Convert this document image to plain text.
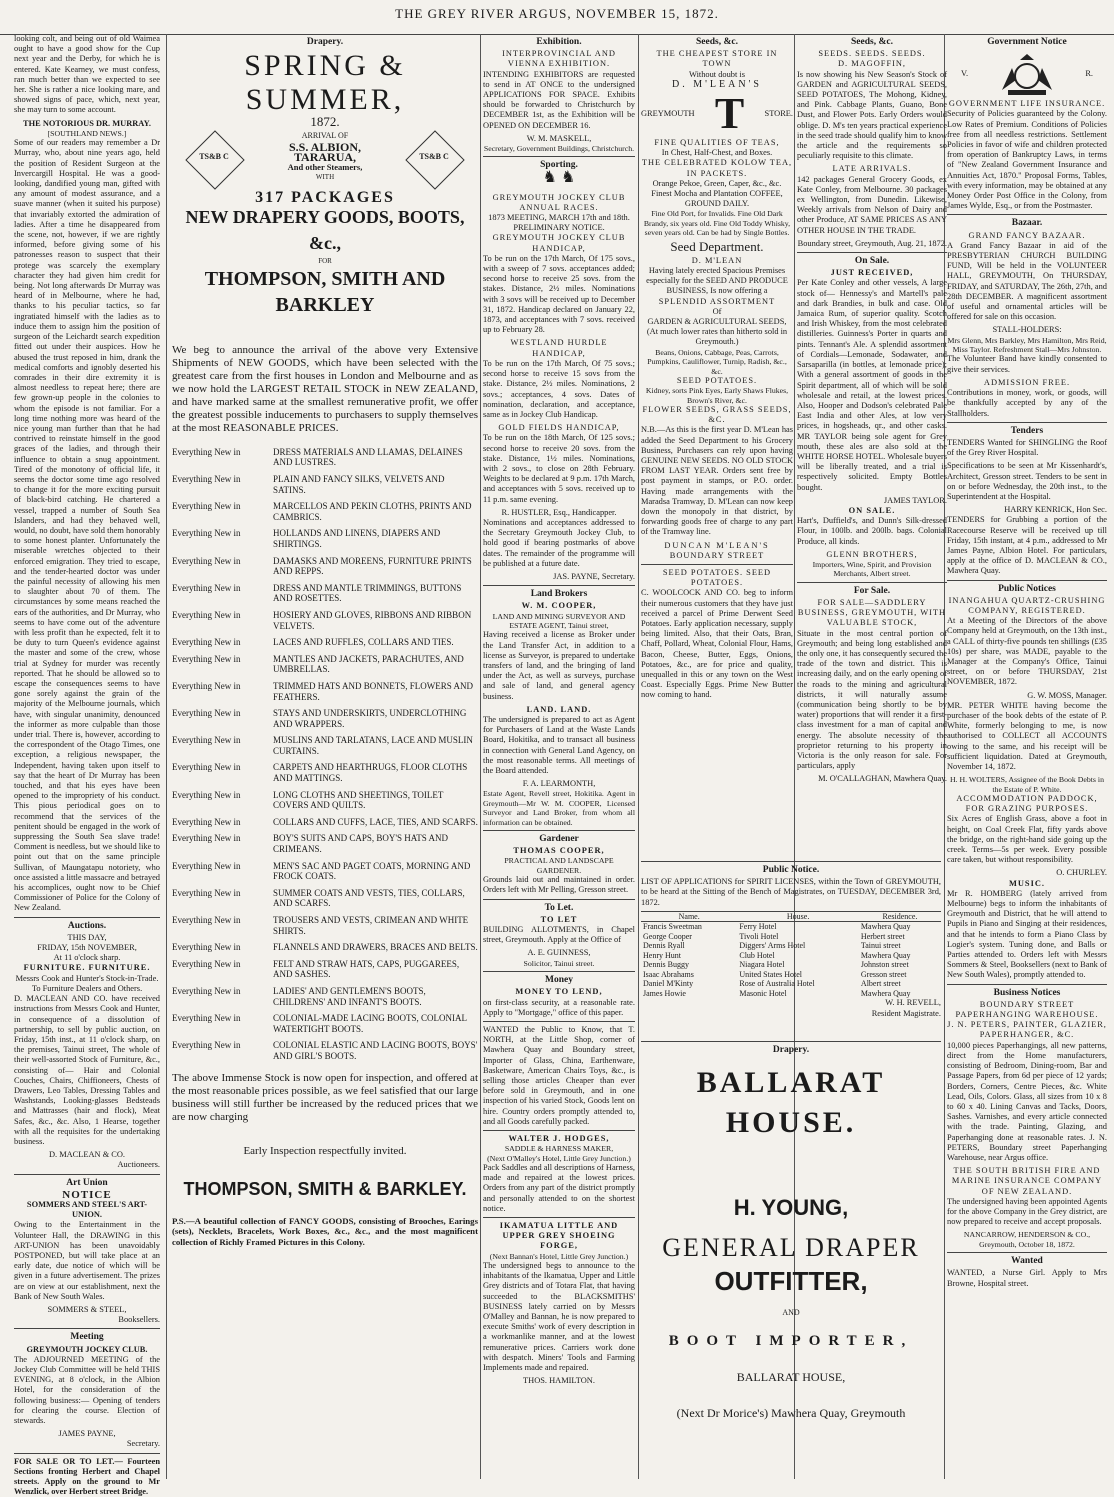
THE GREY RIVER ARGUS, NOVEMBER 15, 1872.

looking colt, and being out of old Waimea ought to have a good show for the Cup next year and the Derby, for which he is entered. Kate Kearney, we must confess, ran much better than we expected to see her. She is rather a nice looking mare, and showed signs of pace, which, next year, she may turn to some account.

THE NOTORIOUS DR. MURRAY.
[SOUTHLAND NEWS.]

Some of our readers may remember a Dr Murray, who, about nine years ago, held the position of Resident Surgeon at the Invercargill Hospital. He was a good-looking, dandified young man, gifted with any amount of modest assurance, and a suave manner (when it suited his purpose) that invariably extorted the admiration of ladies. After a time he disappeared from the scene, not, however, if we are rightly informed, before giving some of his patronesses reason to suspect that their protege was scarcely the exemplary character they had given him credit for being. Not long afterwards Dr Murray was heard of in Melbourne, where he had, thanks to his peculiar tactics, so far ingratiated himself with the ladies as to induce them to assign him the position of surgeon of the Leichardt search expedition fitted out under their auspices. How he abused the trust reposed in him, drank the medical comforts and ignobly deserted his comrades in their dire extremity it is almost needless to repeat here; there are few grown-up people in the colonies to whom the episode is not familiar. For a long time nothing more was heard of the nice young man further than that he had contrived to reinstate himself in the good graces of the ladies, and through their influence to obtain a snug appointment. Tired of the monotony of official life, it seems the doctor some time ago resolved to change it for the more exciting pursuit of black-bird catching. He chartered a vessel, trapped a number of South Sea Islanders, and had they behaved well, would, no doubt, have sold them honorably to some honest planter. Unfortunately the miserable wretches objected to their enforced emigration. They tried to escape, and the tender-hearted doctor was under the painful necessity of allowing his men to slaughter about 70 of them. The circumstances by some means reached the ears of the authorities, and Dr Murray, who seems to have come out of the adventure with less profit than he expected, felt it to be duty to turn Queen's evidence against the master and some of the crew, whose trial at Sydney for murder was recently reported. That he should be allowed so to escape the consequences seems to have gone sorely against the grain of the majority of the Melbourne journals, which have, with singular unanimity, denounced the informer as more culpable than those under trial. There is, however, according to the correspondent of the Otago Times, one exception, a religious newspaper, the Independent, having taken upon itself to say that the heart of Dr Murray has been touched, and that his eyes have been opened to the impropriety of his conduct. This pious periodical goes on to recommend that the services of the penitent should be engaged in the work of suppressing the South Sea slave trade! Comment is needless, but we should like to point out that on the same principle Sullivan, of Maungatapu notoriety, who once assisted a little massacre and betrayed his accomplices, ought now to be Chief Commissioner of Police for the Colony of New Zealand.

Auctions.
THIS DAY,
FRIDAY, 15th NOVEMBER,
At 11 o'clock sharp.
FURNITURE. FURNITURE.
Messrs Cook and Hunter's Stock-in-Trade.
To Furniture Dealers and Others.

D. MACLEAN AND CO. have received instructions from Messrs Cook and Hunter, in consequence of a dissolution of partnership, to sell by public auction, on Friday, 15th inst., at 11 o'clock sharp, on the premises, Tainui street, The whole of their well-assorted Stock of Furniture, &c., consisting of— Hair and Colonial Couches, Chairs, Chiffioneers, Chests of Drawers, Leo Tables, Dressing Tables and Washstands, Looking-glasses Bedsteads and Mattrasses (hair and flock), Meat Safes, &c., &c. Also, 1 Hearse, together with all the requisites for the undertaking business.

D. MACLEAN & CO.
Auctioneers.
Art Union
NOTICE
SOMMERS AND STEEL'S ART-UNION.

Owing to the Entertainment in the Volunteer Hall, the DRAWING in this ART-UNION has been unavoidably POSTPONED, but will take place at an early date, due notice of which will be given in a future advertisement. The prizes are on view at our establishment, next the Bank of New South Wales.

SOMMERS & STEEL,
Booksellers.
Meeting
GREYMOUTH JOCKEY CLUB.

The ADJOURNED MEETING of the Jockey Club Committee will be held THIS EVENING, at 8 o'clock, in the Albion Hotel, for the consideration of the following business:— Opening of tenders for clearing the course. Election of stewards.

JAMES PAYNE,
Secretary.

FOR SALE OR TO LET.— Fourteen Sections fronting Herbert and Chapel streets. Apply on the ground to Mr Wenzlick, over Herbert street Bridge.

Drapery.
SPRING & SUMMER,
1872.
TS&B C	TS&B C
ARRIVAL OF
S.S. ALBION,
TARARUA,
And other Steamers,
WITH
317 PACKAGES
NEW DRAPERY GOODS, BOOTS, &c.,
FOR
THOMPSON, SMITH AND BARKLEY

We beg to announce the arrival of the above very Extensive Shipments of NEW GOODS, which have been selected with the greatest care from the first houses in London and Melbourne and as we now hold the LARGEST RETAIL STOCK in NEW ZEALAND, and have marked same at the smallest remunerative profit, we offer the greatest possible inducements to purchasers to supply themselves at the most REASONABLE PRICES.

Everything New in	DRESS MATERIALS AND LLAMAS, DELAINES AND LUSTRES.
Everything New in	PLAIN AND FANCY SILKS, VELVETS AND SATINS.
Everything New in	MARCELLOS AND PEKIN CLOTHS, PRINTS AND CAMBRICS.
Everything New in	HOLLANDS AND LINENS, DIAPERS AND SHIRTINGS.
Everything New in	DAMASKS AND MOREENS, FURNITURE PRINTS AND REPPS.
Everything New in	DRESS AND MANTLE TRIMMINGS, BUTTONS AND ROSETTES.
Everything New in	HOSIERY AND GLOVES, RIBBONS AND RIBBON VELVETS.
Everything New in	LACES AND RUFFLES, COLLARS AND TIES.
Everything New in	MANTLES AND JACKETS, PARACHUTES, AND UMBRELLAS.
Everything New in	TRIMMED HATS AND BONNETS, FLOWERS AND FEATHERS.
Everything New in	STAYS AND UNDERSKIRTS, UNDERCLOTHING AND WRAPPERS.
Everything New in	MUSLINS AND TARLATANS, LACE AND MUSLIN CURTAINS.
Everything New in	CARPETS AND HEARTHRUGS, FLOOR CLOTHS AND MATTINGS.
Everything New in	LONG CLOTHS AND SHEETINGS, TOILET COVERS AND QUILTS.
Everything New in	COLLARS AND CUFFS, LACE, TIES, AND SCARFS.
Everything New in	BOY'S SUITS AND CAPS, BOY'S HATS AND CRIMEANS.
Everything New in	MEN'S SAC AND PAGET COATS, MORNING AND FROCK COATS.
Everything New in	SUMMER COATS AND VESTS, TIES, COLLARS, AND SCARFS.
Everything New in	TROUSERS AND VESTS, CRIMEAN AND WHITE SHIRTS.
Everything New in	FLANNELS AND DRAWERS, BRACES AND BELTS.
Everything New in	FELT AND STRAW HATS, CAPS, PUGGAREES, AND SASHES.
Everything New in	LADIES' AND GENTLEMEN'S BOOTS, CHILDRENS' AND INFANT'S BOOTS.
Everything New in	COLONIAL-MADE LACING BOOTS, COLONIAL WATERTIGHT BOOTS.
Everything New in	COLONIAL ELASTIC AND LACING BOOTS, BOYS' AND GIRL'S BOOTS.

The above Immense Stock is now open for inspection, and offered at the most reasonable prices possible, as we feel satisfied that our large business will still further be increased by the reduced prices that we are now charging

Early Inspection respectfully invited.
THOMPSON, SMITH & BARKLEY.

P.S.—A beautiful collection of FANCY GOODS, consisting of Brooches, Earings (sets), Necklets, Bracelets, Work Boxes, &c., &c., and the most magnificent collection of Richly Framed Pictures in this Colony.

Exhibition.
INTERPROVINCIAL AND VIENNA EXHIBITION.

INTENDING EXHIBITORS are requested to send in AT ONCE to the undersigned APPLICATIONS FOR SPACE. Exhibits should be forwarded to Christchurch by DECEMBER 1st, as the Exhibition will be OPENED ON DECEMBER 16.

W. M. MASKELL,
Secretary, Government Buildings, Christchurch.
Sporting.
♞ ♞
GREYMOUTH JOCKEY CLUB ANNUAL RACES.
1873 MEETING, MARCH 17th and 18th.
PRELIMINARY NOTICE.
GREYMOUTH JOCKEY CLUB HANDICAP,

To be run on the 17th March, Of 175 sovs., with a sweep of 7 sovs. acceptances added; second horse to receive 25 sovs. from the stakes. Distance, 2½ miles. Nominations with 3 sovs will be received up to December 31, 1872. Handicap declared on January 22, 1873, and acceptances with 7 sovs. received up to February 28.

WESTLAND HURDLE HANDICAP,

To be run on the 17th March, Of 75 sovs.; second horse to receive 15 sovs from the stake. Distance, 2½ miles. Nominations, 2 sovs.; acceptances, 4 sovs. Dates of nomination, declaration, and acceptance, same as in Jockey Club Handicap.

GOLD FIELDS HANDICAP,

To be run on the 18th March, Of 125 sovs.; second horse to receive 20 sovs. from the stake. Distance, 1½ miles. Nominations, with 2 sovs., to close on 28th February. Weights to be declared at 9 p.m. 17th March, and acceptances with 5 sovs. received up to 11 p.m. same evening.

R. HUSTLER, Esq., Handicapper.

Nominations and acceptances addressed to the Secretary Greymouth Jockey Club, to hold good if bearing postmarks of above dates. The remainder of the programme will be published at a future date.

JAS. PAYNE, Secretary.
Land Brokers
W. M. COOPER,
LAND AND MINING SURVEYOR AND ESTATE AGENT, Tainui street,

Having received a license as Broker under the Land Transfer Act, in addition to a license as Surveyor, is prepared to undertake transfers of land, and the bringing of land under the Act, as well as surveys, purchase and sale of land, and general agency business.

LAND. LAND.

The undersigned is prepared to act as Agent for Purchasers of Land at the Waste Lands Board, Hokitika, and to transact all business in connection with General Land Agency, on the most reasonable terms. All meetings of the Board attended.

F. A. LEARMONTH,

Estate Agent, Revell street, Hokitika. Agent in Greymouth—Mr W. M. COOPER, Licensed Surveyor and Land Broker, from whom all information can be obtained.

Gardener
THOMAS COOPER,
PRACTICAL AND LANDSCAPE GARDENER.

Grounds laid out and maintained in order. Orders left with Mr Pelling, Gresson street.

To Let.
TO LET

BUILDING ALLOTMENTS, in Chapel street, Greymouth. Apply at the Office of

A. E. GUINNESS,
Solicitor, Tainui street.
Money
MONEY TO LEND,

on first-class security, at a reasonable rate. Apply to "Mortgage," office of this paper.

WANTED the Public to Know, that T. NORTH, at the Little Shop, corner of Mawhera Quay and Boundary street, Importer of Glass, China, Earthenware, Basketware, American Chairs Toys, &c., is selling those articles Cheaper than ever before sold in Greymouth, and in one inspection of his varied Stock, Goods lent on hire. Country orders promptly attended to, and all Goods carefully packed.

WALTER J. HODGES,
SADDLE & HARNESS MAKER,
(Next O'Malley's Hotel, Little Grey Junction.)

Pack Saddles and all descriptions of Harness, made and repaired at the lowest prices. Orders from any part of the district promptly and personally attended to on the shortest notice.

IKAMATUA LITTLE AND UPPER GREY SHOEING FORGE,
(Next Bannan's Hotel, Little Grey Junction.)

The undersigned begs to announce to the inhabitants of the Ikamatua, Upper and Little Grey districts and of Totara Flat, that having succeeded to the BLACKSMITHS' BUSINESS lately carried on by Messrs O'Malley and Bannan, he is now prepared to execute Smiths' work of every description in a workmanlike manner, and at the lowest remunerative prices. Carriers work done with despatch. Miners' Tools and Farming Implements made and repaired.

THOS. HAMILTON.
Seeds, &c.
THE CHEAPEST STORE IN TOWN
Without doubt is
D. M'LEAN'S
GREYMOUTH T STORE.
FINE QUALITIES OF TEAS,
In Chest, Half-Chest, and Boxes.
THE CELEBRATED KOLOW TEA, IN PACKETS.
Orange Pekoe, Green, Caper, &c., &c.
Finest Mocha and Plantation COFFEE, GROUND DAILY.
Fine Old Port, for Invalids. Fine Old Dark Brandy, six years old. Fine Old Toddy Whisky, seven years old. Can be had by Single Bottles.
Seed Department.
D. M'LEAN
Having lately erected Spacious Premises especially for the SEED AND PRODUCE BUSINESS, Is now offering a
SPLENDID ASSORTMENT
Of
GARDEN & AGRICULTURAL SEEDS, (At much lower rates than hitherto sold in Greymouth.)
Beans, Onions, Cabbage, Peas, Carrots, Pumpkins, Cauliflower, Turnip, Radish, &c., &c.
SEED POTATOES.
Kidney, sorts Pink Eyes, Early Shaws Flukes, Brown's River, &c.
FLOWER SEEDS, GRASS SEEDS, &C.

N.B.—As this is the first year D. M'Lean has added the Seed Department to his Grocery Business, Purchasers can rely upon having GENUINE NEW SEEDS. NO OLD STOCK FROM LAST YEAR. Orders sent free by post payment in stamps, or P.O. order. Having made arrangements with the Maradsa Tramway, D. M'Lean can now keep down the monopoly in that district, by forwarding goods free of charge to any part of the Tramway line.

DUNCAN M'LEAN'S
BOUNDARY STREET
SEED POTATOES. SEED POTATOES.

C. WOOLCOCK AND CO. beg to inform their numerous customers that they have just received a parcel of Prime Derwent Seed Potatoes. Early application necessary, supply being limited. Also, that their Oats, Bran, Chaff, Pollard, Wheat, Colonial Flour, Hams, Bacon, Cheese, Butter, Eggs, Onions, Potatoes, &c., are for price and quality, unequalled in this or any town on the West Coast. Especially Eggs. Prime New Butter now coming to hand.

Seeds, &c.
SEEDS. SEEDS. SEEDS.
D. MAGOFFIN,

Is now showing his New Season's Stock of GARDEN and AGRICULTURAL SEEDS, SEED POTATOES, The Mohong, Kidney, and Pink. Cabbage Plants, Guano, Bone Dust, and Flower Pots. Early Orders would oblige. D. M's ten years practical experience in the seed trade should qualify him to know the article and the requirements so peculiarly requisite to this climate.

LATE ARRIVALS.

142 packages General Grocery Goods, ex Kate Conley, from Melbourne. 30 packages ex Wellington, from Dunedin. Likewise, Weekly arrivals from Nelson of Dairy and other Produce, AT SAME PRICES AS ANY OTHER HOUSE IN THE TRADE.

Boundary street, Greymouth, Aug. 21, 1872.
On Sale.
JUST RECEIVED,

Per Kate Conley and other vessels, A large stock of— Hennessy's and Martell's pale and dark Brandies, in bulk and case. Old Jamaica Rum, of superior quality. Scotch and Irish Whiskey, from the most celebrated distilleries. Guinness's Porter in quarts and pints. Tennant's Ale. A splendid assortment of Cordials—Lemonade, Sodawater, and Sarsaparilla (in bottles, at lemonade price); With a general assortment of goods in the Spirit department, all of which will be sold wholesale and retail, at the lowest prices. Also, Hooper and Dodson's celebrated Pale East India and other Ales, at low very prices, in hogsheads, qr., and other casks. MR TAYLOR being sole agent for Grey mouth, these ales are also sold at the WHITE HORSE HOTEL. Wholesale buyers will be liberally treated, and a trial is respectively solicited. Empty Bottles bought.

JAMES TAYLOR.
ON SALE.

Hart's, Duffield's, and Dunn's Silk-dressed Flour, in 100lb. and 200lb. bags. Colonial Produce, all kinds.

GLENN BROTHERS,
Importers, Wine, Spirit, and Provision Merchants, Albert street.
For Sale.
FOR SALE—SADDLERY BUSINESS, GREYMOUTH, WITH VALUABLE STOCK,

Situate in the most central portion of Greymouth; and being long established and the only one, it has consequently secured the trade of the town and district. This is increasing daily, and on the early opening of the roads to the mining and agricultural districts, it will naturally assume (communication being shortly to be by water) proportions that will render it a first-class investment for a man of capital and energy. The absolute necessity of the proprietor returning to his property in Victoria is the only reason for sale. For particulars, apply

M. O'CALLAGHAN, Mawhera Quay.
Public Notice.

LIST OF APPLICATIONS for SPIRIT LICENSES, within the Town of GREYMOUTH, to be heard at the Sitting of the Bench of Magistrates, on TUESDAY, DECEMBER 3rd, 1872.

Name.	House.	Residence.
Francis Sweetman	Ferry Hotel	Mawhera Quay
George Cooper	Tivoli Hotel	Herbert street
Dennis Ryall	Diggers' Arms Hotel	Tainui street
Henry Hunt	Club Hotel	Mawhera Quay
Dennis Buggy	Niagara Hotel	Johnston street
Isaac Abrahams	United States Hotel	Gresson street
Daniel M'Kinty	Rose of Australia Hotel	Albert street
James Howie	Masonic Hotel	Mawhera Quay
W. H. REVELL,
Resident Magistrate.
Drapery.
BALLARAT HOUSE.
H. YOUNG,
GENERAL DRAPER
OUTFITTER,
AND
BOOT IMPORTER,
BALLARAT HOUSE,
(Next Dr Morice's) Mawhera Quay, Greymouth
Government Notice
V.	R.
GOVERNMENT LIFE INSURANCE.

Security of Policies guaranteed by the Colony. Low Rates of Premium. Conditions of Policies free from all needless restrictions. Settlement Policies in favor of wife and children protected from operation of Bankruptcy Laws, in terms of "New Zealand Government Insurance and Annuities Act, 1870." Proposal Forms, Tables, with every information, may be obtained at any Money Order Post Office in the Colony, from James Wylde, Esq., or from the Postmaster.

Bazaar.
GRAND FANCY BAZAAR.

A Grand Fancy Bazaar in aid of the PRESBYTERIAN CHURCH BUILDING FUND, Will be held in the VOLUNTEER HALL, GREYMOUTH, On THURSDAY, FRIDAY, and SATURDAY, The 26th, 27th, and 28th DECEMBER. A magnificent assortment of useful and ornamental articles will be offered for sale on this occasion.

STALL-HOLDERS:
Mrs Glenn, Mrs Barkley, Mrs Hamilton, Mrs Reid, Miss Taylor. Refreshment Stall—Mrs Johnston.

The Volunteer Band have kindly consented to give their services.

ADMISSION FREE.

Contributions in money, work, or goods, will be thankfully accepted by any of the Stallholders.

Tenders

TENDERS Wanted for SHINGLING the Roof of the Grey River Hospital.

Specifications to be seen at Mr Kissenhardt's, Architect, Gresson street. Tenders to be sent in on or before Wednesday, the 20th inst., to the Superintendent at the Hospital.

HARRY KENRICK, Hon Sec.

TENDERS for Grubbing a portion of the Racecourse Reserve will be received up till Friday, 15th instant, at 4 p.m., addressed to Mr James Payne, Albion Hotel. For particulars, apply at the office of D. MACLEAN & CO., Mawhera Quay.

Public Notices
INANGAHUA QUARTZ-CRUSHING COMPANY, REGISTERED.

At a Meeting of the Directors of the above Company held at Greymouth, on the 13th inst., a CALL of thirty-five pounds ten shillings (£35 10s) per share, was MADE, payable to the Manager at the Company's Office, Tainui street, on or before THURSDAY, 21st NOVEMBER, 1872.

G. W. MOSS, Manager.

MR. PETER WHITE having become the purchaser of the book debts of the estate of P. White, formerly belonging to me, is now authorised to COLLECT all ACCOUNTS owing to the same, and his receipt will be sufficient liquidation. Dated at Greymouth, November 14, 1872.

H. H. WOLTERS, Assignee of the Book Debts in the Estate of P. White.
ACCOMMODATION PADDOCK, FOR GRAZING PURPOSES.

Six Acres of English Grass, above a foot in height, on Coal Creek Flat, fifty yards above the bridge, on the right-hand side going up the creek. Terms—5s per week. Every possible care taken, but without responsibility.

O. CHURLEY.
MUSIC.

Mr R. HOMBERG (lately arrived from Melbourne) begs to inform the inhabitants of Greymouth and District, that he will attend to Pupils in Piano and Singing at their residences, and that he intends to form a Piano Class by Logier's system. Tuning done, and Balls or Parties attended to. Orders left with Messrs Sommers & Steel, Booksellers (next to Bank of New South Wales), promptly attended to.

Business Notices
BOUNDARY STREET PAPERHANGING WAREHOUSE.
J. N. PETERS, PAINTER, GLAZIER, PAPERHANGER, &C.

10,000 pieces Paperhangings, all new patterns, direct from the Home manufacturers, consisting of Bedroom, Dining-room, Bar and Passage Papers, from 6d per piece of 12 yards; Borders, Corners, Centre Pieces, &c. White Lead, Oils, Colors. Glass, all sizes from 10 x 8 to 60 x 40. Lining Canvas and Tacks, Doors, Sashes. Varnishes, and every article connected with the trade. Painting, Glazing, and Paperhanging done at reasonable rates. J. N. PETERS, Boundary street Paperhanging Warehouse, near Argus office.

THE SOUTH BRITISH FIRE AND MARINE INSURANCE COMPANY OF NEW ZEALAND.

The undersigned having been appointed Agents for the above Company in the Grey district, are now prepared to receive and accept proposals.

NANCARROW, HENDERSON & CO., Greymouth, October 18, 1872.
Wanted

WANTED, a Nurse Girl. Apply to Mrs Browne, Hospital street.
